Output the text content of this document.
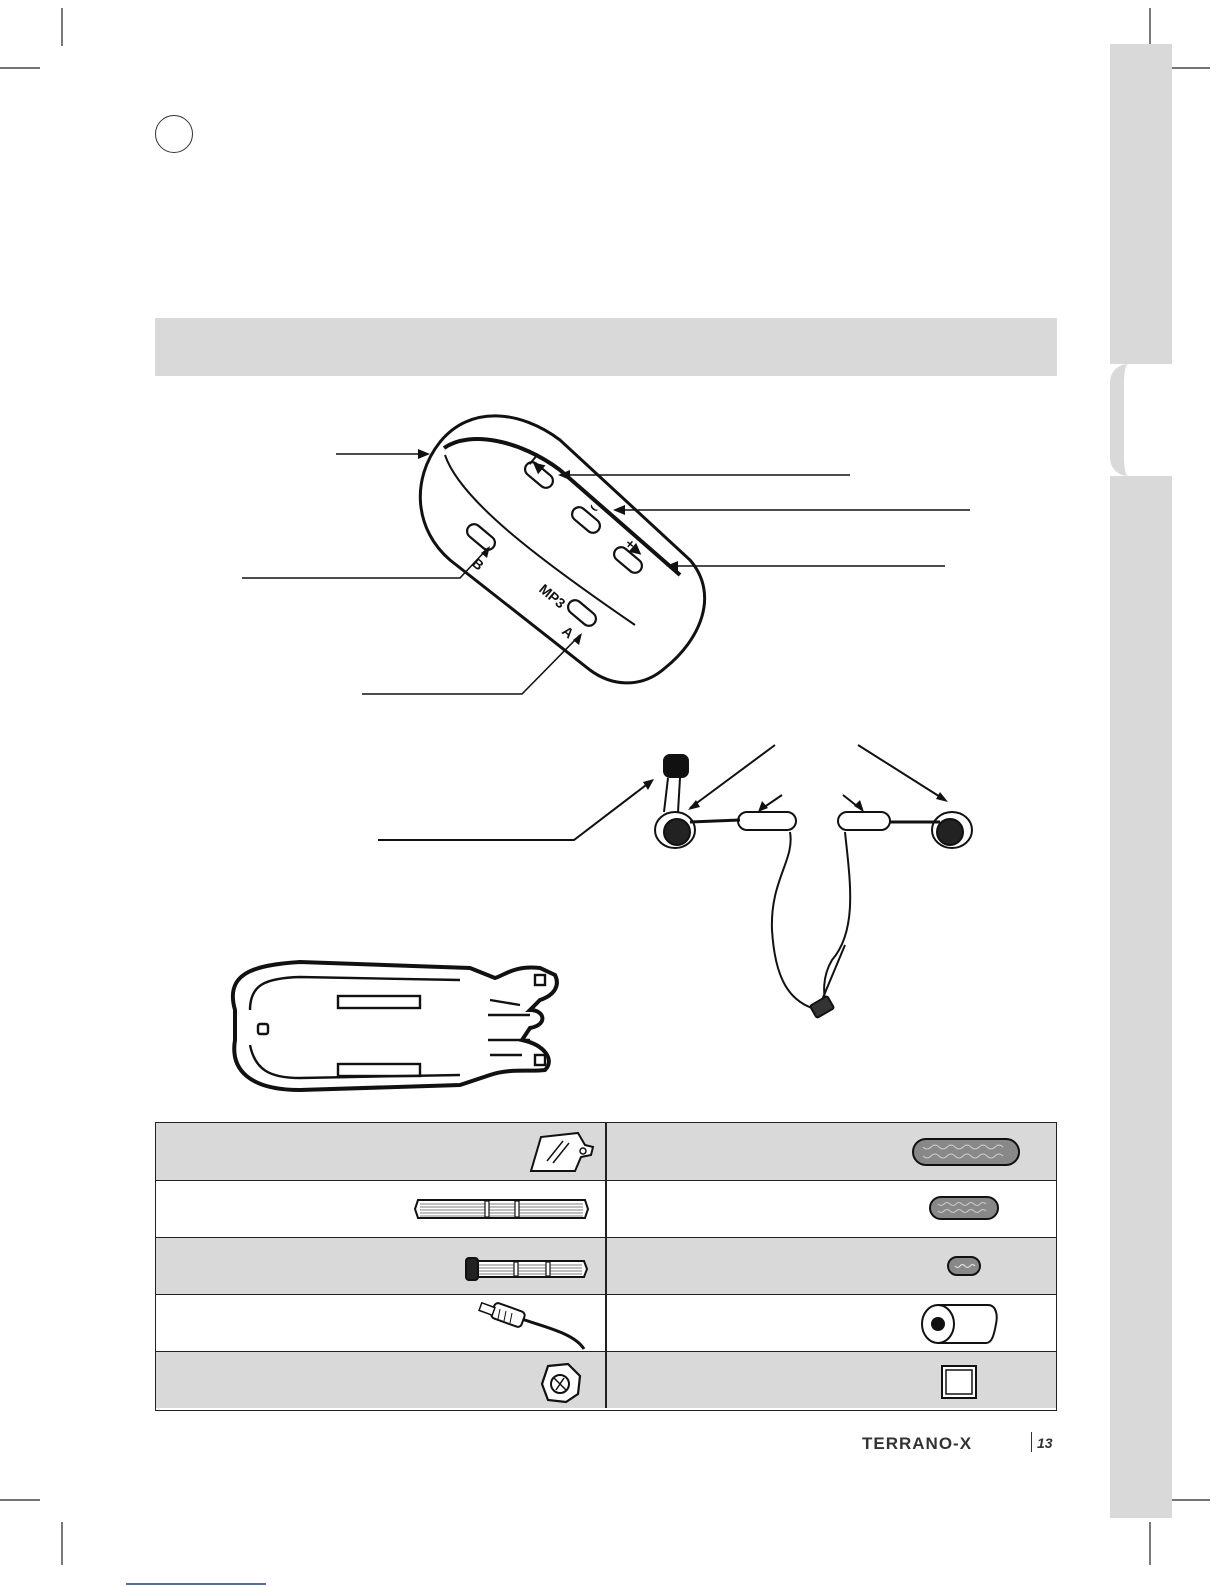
I◀
⌣
+▶
B
MP3
A
TERRANO-X	13
